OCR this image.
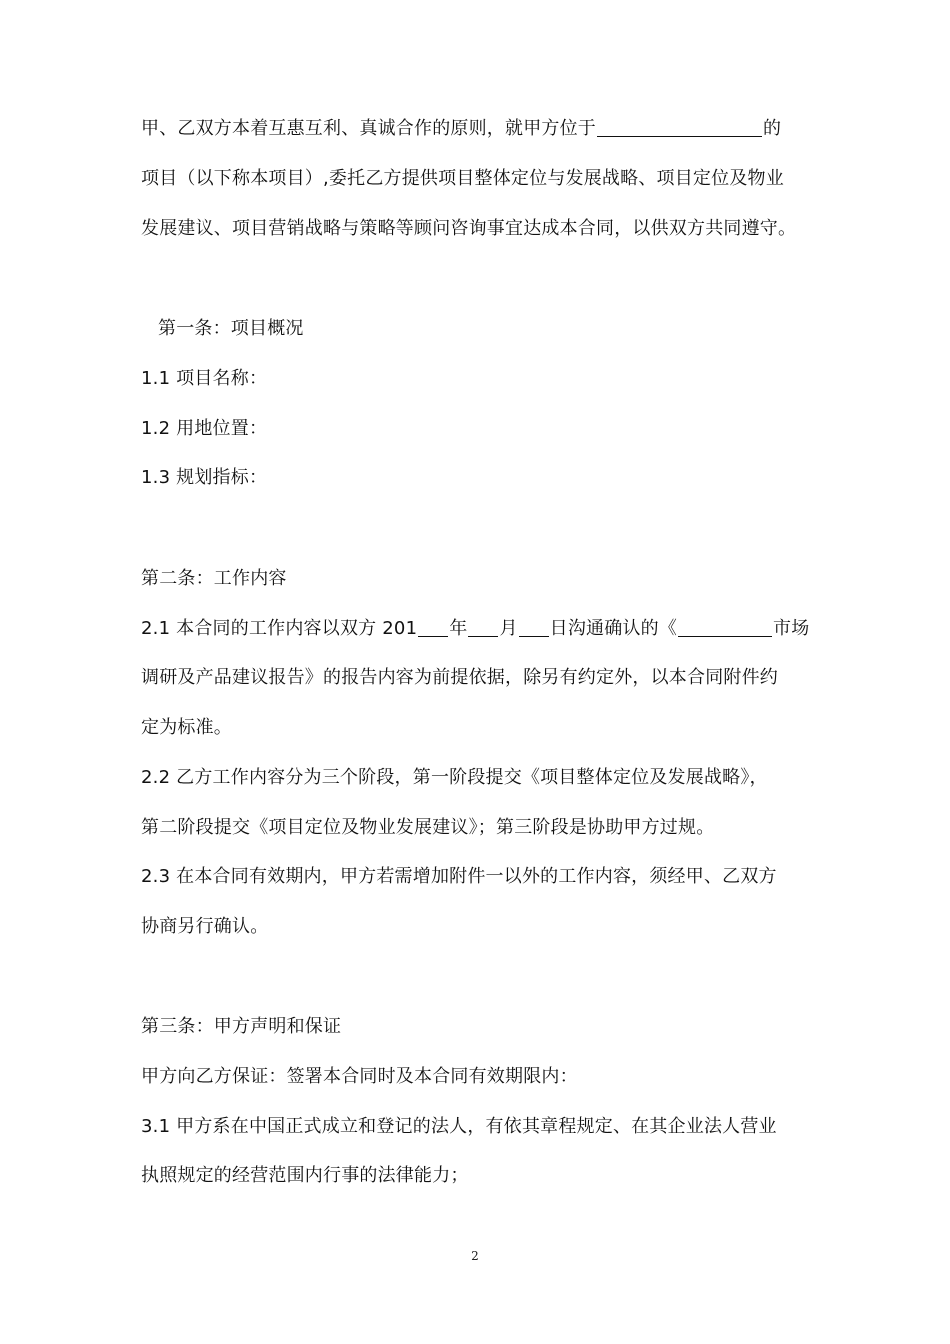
甲、乙双方本着互惠互利、真诚合作的原则，就甲方位于	的
项目（以下称本项目）,委托乙方提供项目整体定位与发展战略、项目定位及物业
发展建议、项目营销战略与策略等顾问咨询事宜达成本合同，以供双方共同遵守。
第一条：项目概况
1.1 项目名称：
1.2 用地位置：
1.3 规划指标：
第二条：工作内容
2.1 本合同的工作内容以双方 201 年 月 日沟通确认的《	市场
调研及产品建议报告》的报告内容为前提依据，除另有约定外，以本合同附件约
定为标准。
2.2 乙方工作内容分为三个阶段，第一阶段提交《项目整体定位及发展战略》，
第二阶段提交《项目定位及物业发展建议》；第三阶段是协助甲方过规。
2.3 在本合同有效期内，甲方若需增加附件一以外的工作内容，须经甲、乙双方
协商另行确认。
第三条：甲方声明和保证
甲方向乙方保证：签署本合同时及本合同有效期限内：
3.1 甲方系在中国正式成立和登记的法人，有依其章程规定、在其企业法人营业
执照规定的经营范围内行事的法律能力；
2
